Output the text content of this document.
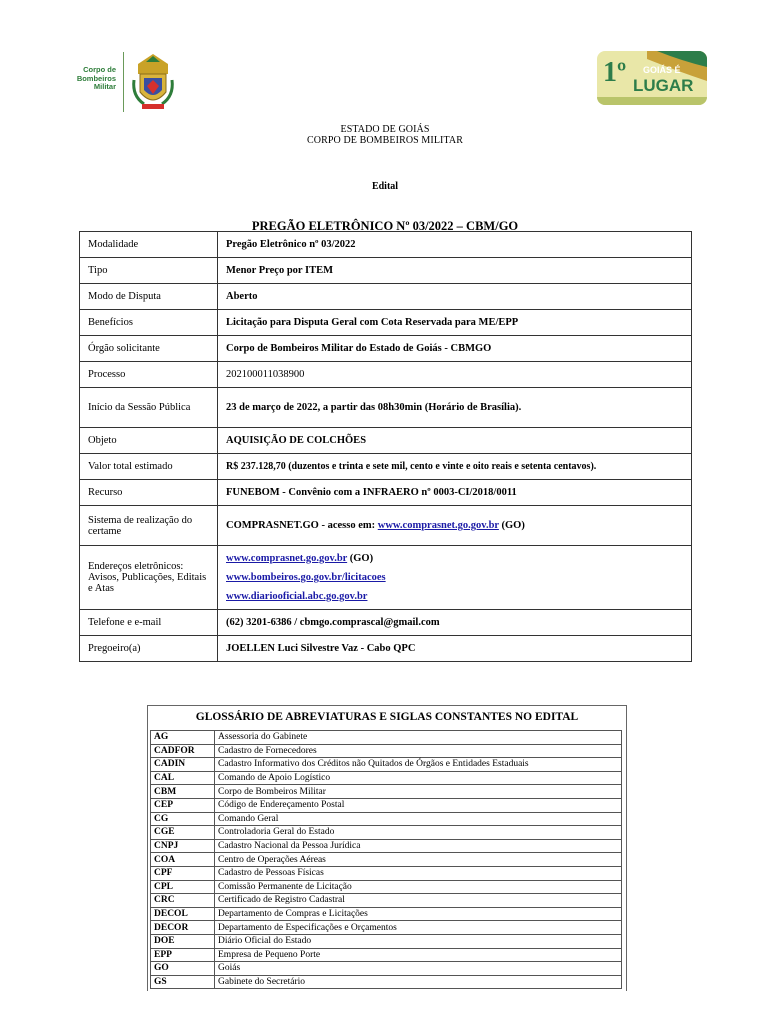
Corpo de
Bombeiros
Militar	1º GOIÁS É
LUGAR
ESTADO DE GOIÁS
CORPO DE BOMBEIROS MILITAR
Edital
PREGÃO ELETRÔNICO Nº 03/2022 – CBM/GO
Modalidade	Pregão Eletrônico nº 03/2022
Tipo	Menor Preço por ITEM
Modo de Disputa	Aberto
Benefícios	Licitação para Disputa Geral com Cota Reservada para ME/EPP
Órgão solicitante	Corpo de Bombeiros Militar do Estado de Goiás - CBMGO
Processo	202100011038900
Início da Sessão Pública	23 de março de 2022, a partir das 08h30min (Horário de Brasília).
Objeto	AQUISIÇÃO DE COLCHÕES
Valor total estimado	R$ 237.128,70 (duzentos e trinta e sete mil, cento e vinte e oito reais e setenta centavos).
Recurso	FUNEBOM - Convênio com a INFRAERO nº 0003-CI/2018/0011
Sistema de realização do certame	COMPRASNET.GO - acesso em: www.comprasnet.go.gov.br (GO)
Endereços eletrônicos: Avisos, Publicações, Editais e Atas	www.comprasnet.go.gov.br (GO)
www.bombeiros.go.gov.br/licitacoes
www.diariooficial.abc.go.gov.br

Telefone e e-mail	(62) 3201-6386 / cbmgo.comprascal@gmail.com
Pregoeiro(a)	JOELLEN Luci Silvestre Vaz - Cabo QPC
GLOSSÁRIO DE ABREVIATURAS E SIGLAS CONSTANTES NO EDITAL
AG	Assessoria do Gabinete
CADFOR	Cadastro de Fornecedores
CADIN	Cadastro Informativo dos Créditos não Quitados de Órgãos e Entidades Estaduais
CAL	Comando de Apoio Logístico
CBM	Corpo de Bombeiros Militar
CEP	Código de Endereçamento Postal
CG	Comando Geral
CGE	Controladoria Geral do Estado
CNPJ	Cadastro Nacional da Pessoa Jurídica
COA	Centro de Operações Aéreas
CPF	Cadastro de Pessoas Físicas
CPL	Comissão Permanente de Licitação
CRC	Certificado de Registro Cadastral
DECOL	Departamento de Compras e Licitações
DECOR	Departamento de Especificações e Orçamentos
DOE	Diário Oficial do Estado
EPP	Empresa de Pequeno Porte
GO	Goiás
GS	Gabinete do Secretário
